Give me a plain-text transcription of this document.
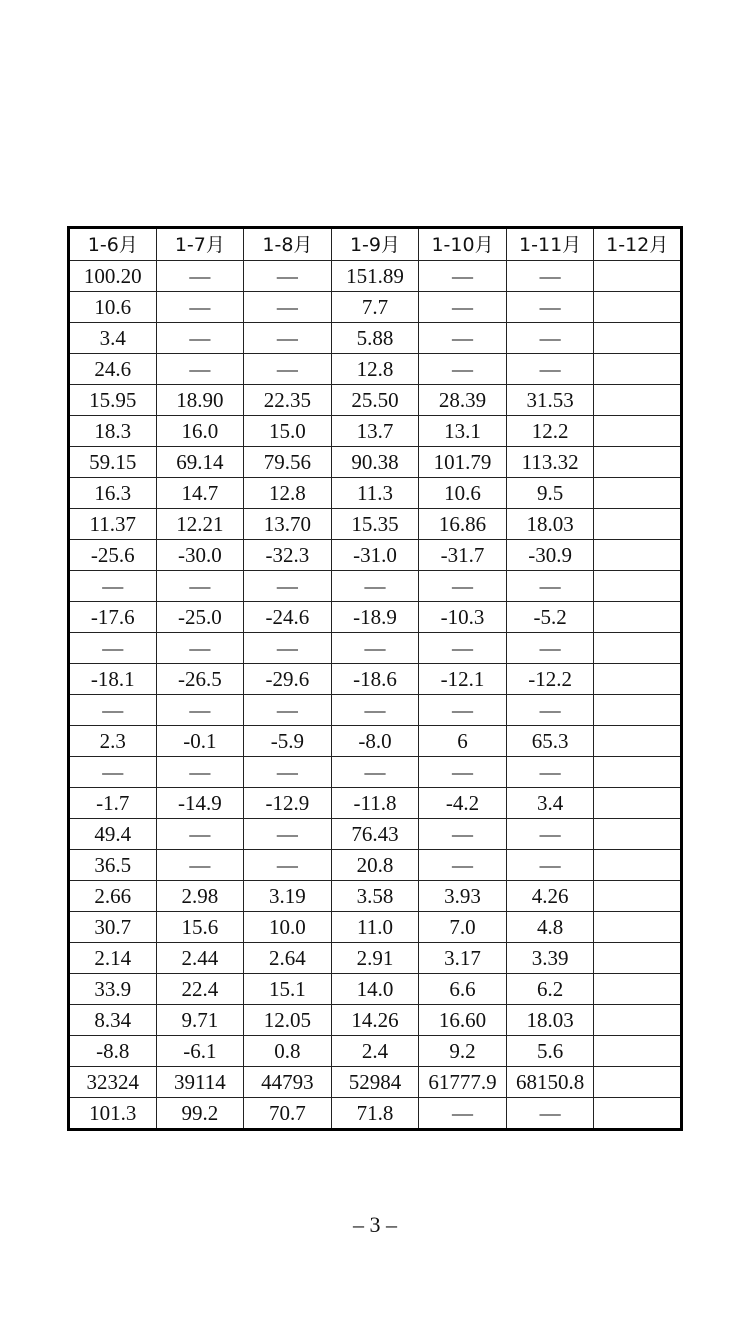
1-6月	1-7月	1-8月	1-9月	1-10月	1-11月	1-12月
100.20	—	—	151.89	—	—	
10.6	—	—	7.7	—	—	
3.4	—	—	5.88	—	—	
24.6	—	—	12.8	—	—	
15.95	18.90	22.35	25.50	28.39	31.53	
18.3	16.0	15.0	13.7	13.1	12.2	
59.15	69.14	79.56	90.38	101.79	113.32	
16.3	14.7	12.8	11.3	10.6	9.5	
11.37	12.21	13.70	15.35	16.86	18.03	
-25.6	-30.0	-32.3	-31.0	-31.7	-30.9	
—	—	—	—	—	—	
-17.6	-25.0	-24.6	-18.9	-10.3	-5.2	
—	—	—	—	—	—	
-18.1	-26.5	-29.6	-18.6	-12.1	-12.2	
—	—	—	—	—	—	
2.3	-0.1	-5.9	-8.0	6	65.3	
—	—	—	—	—	—	
-1.7	-14.9	-12.9	-11.8	-4.2	3.4	
49.4	—	—	76.43	—	—	
36.5	—	—	20.8	—	—	
2.66	2.98	3.19	3.58	3.93	4.26	
30.7	15.6	10.0	11.0	7.0	4.8	
2.14	2.44	2.64	2.91	3.17	3.39	
33.9	22.4	15.1	14.0	6.6	6.2	
8.34	9.71	12.05	14.26	16.60	18.03	
-8.8	-6.1	0.8	2.4	9.2	5.6	
32324	39114	44793	52984	61777.9	68150.8	
101.3	99.2	70.7	71.8	—	—	
– 3 –
